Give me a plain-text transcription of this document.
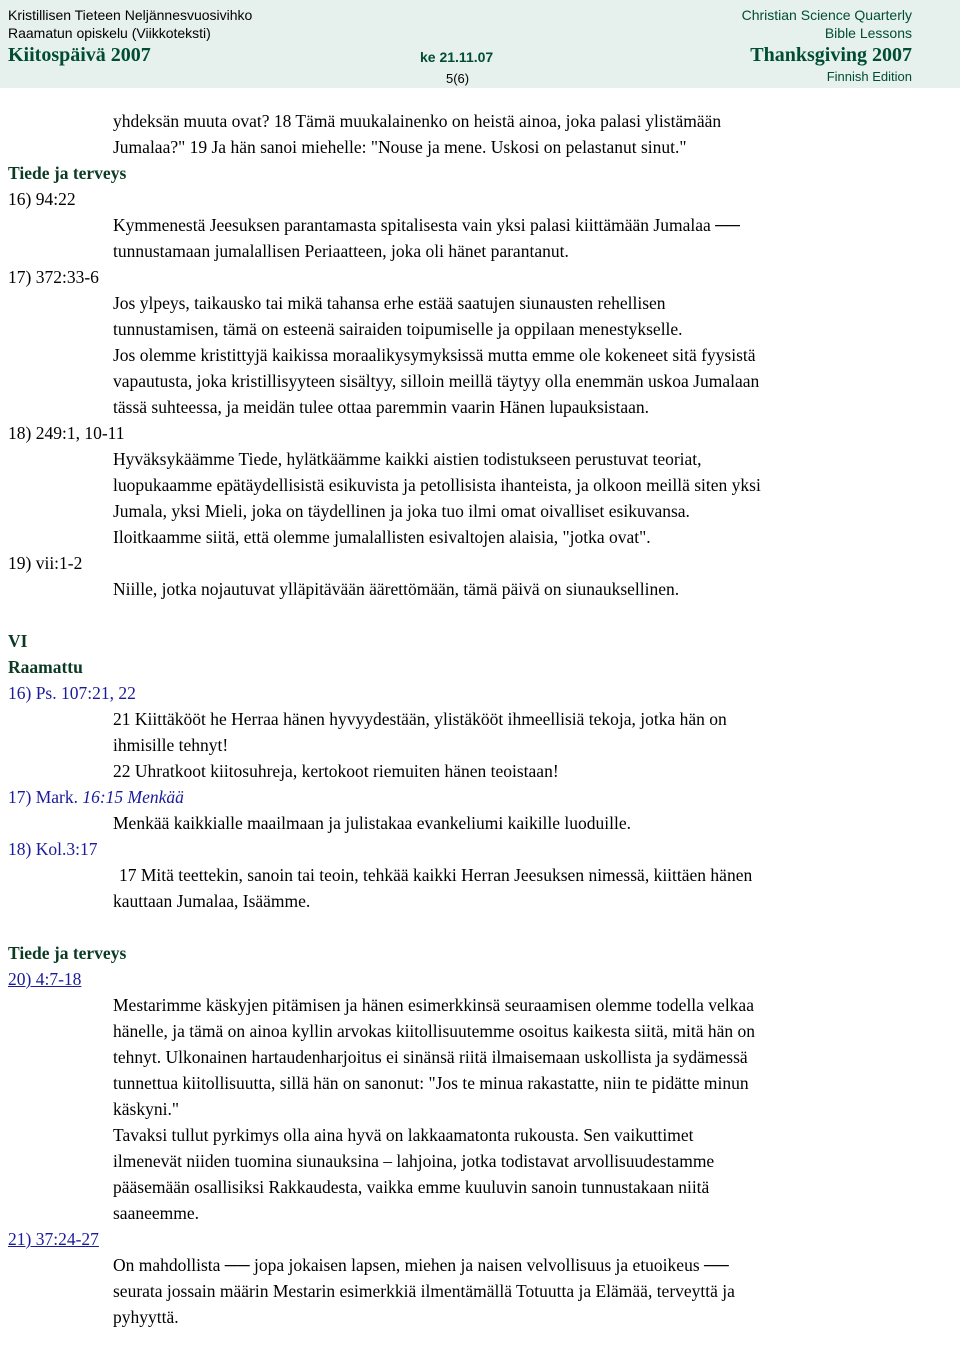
Kristillisen Tieteen Neljännesvuosivihko
Raamatun opiskelu (Viikkoteksti)
Kiitospäivä 2007	ke 21.11.07
5(6)
Christian Science Quarterly
Bible Lessons
Thanksgiving 2007
Finnish Edition
yhdeksän muuta ovat? 18 Tämä muukalainenko on heistä ainoa, joka palasi ylistämään
Jumalaa?" 19 Ja hän sanoi miehelle: "Nouse ja mene. Uskosi on pelastanut sinut."
Tiede ja terveys
16) 94:22
Kymmenestä Jeesuksen parantamasta spitalisesta vain yksi palasi kiittämään Jumalaa ──
tunnustamaan jumalallisen Periaatteen, joka oli hänet parantanut.
17) 372:33-6
Jos ylpeys, taikausko tai mikä tahansa erhe estää saatujen siunausten rehellisen
tunnustamisen, tämä on esteenä sairaiden toipumiselle ja oppilaan menestykselle.
Jos olemme kristittyjä kaikissa moraalikysymyksissä mutta emme ole kokeneet sitä fyysistä
vapautusta, joka kristillisyyteen sisältyy, silloin meillä täytyy olla enemmän uskoa Jumalaan
tässä suhteessa, ja meidän tulee ottaa paremmin vaarin Hänen lupauksistaan.
18) 249:1, 10-11
Hyväksykäämme Tiede, hylätkäämme kaikki aistien todistukseen perustuvat teoriat,
luopukaamme epätäydellisistä esikuvista ja petollisista ihanteista, ja olkoon meillä siten yksi
Jumala, yksi Mieli, joka on täydellinen ja joka tuo ilmi omat oivalliset esikuvansa.
Iloitkaamme siitä, että olemme jumalallisten esivaltojen alaisia, "jotka ovat".
19) vii:1-2
Niille, jotka nojautuvat ylläpitävään äärettömään, tämä päivä on siunauksellinen.
VI
Raamattu
16) Ps. 107:21, 22
21 Kiittäkööt he Herraa hänen hyvyydestään, ylistäkööt ihmeellisiä tekoja, jotka hän on
ihmisille tehnyt!
22 Uhratkoot kiitosuhreja, kertokoot riemuiten hänen teoistaan!
17) Mark. 16:15 Menkää
Menkää kaikkialle maailmaan ja julistakaa evankeliumi kaikille luoduille.
18) Kol.3:17
17 Mitä teettekin, sanoin tai teoin, tehkää kaikki Herran Jeesuksen nimessä, kiittäen hänen
kauttaan Jumalaa, Isäämme.
Tiede ja terveys
20) 4:7-18
Mestarimme käskyjen pitämisen ja hänen esimerkkinsä seuraamisen olemme todella velkaa
hänelle, ja tämä on ainoa kyllin arvokas kiitollisuutemme osoitus kaikesta siitä, mitä hän on
tehnyt. Ulkonainen hartaudenharjoitus ei sinänsä riitä ilmaisemaan uskollista ja sydämessä
tunnettua kiitollisuutta, sillä hän on sanonut: "Jos te minua rakastatte, niin te pidätte minun
käskyni."
Tavaksi tullut pyrkimys olla aina hyvä on lakkaamatonta rukousta. Sen vaikuttimet
ilmenevät niiden tuomina siunauksina – lahjoina, jotka todistavat arvollisuudestamme
pääsemään osallisiksi Rakkaudesta, vaikka emme kuuluvin sanoin tunnustakaan niitä
saaneemme.
21) 37:24-27
On mahdollista ── jopa jokaisen lapsen, miehen ja naisen velvollisuus ja etuoikeus ──
seurata jossain määrin Mestarin esimerkkiä ilmentämällä Totuutta ja Elämää, terveyttä ja
pyhyyttä.
